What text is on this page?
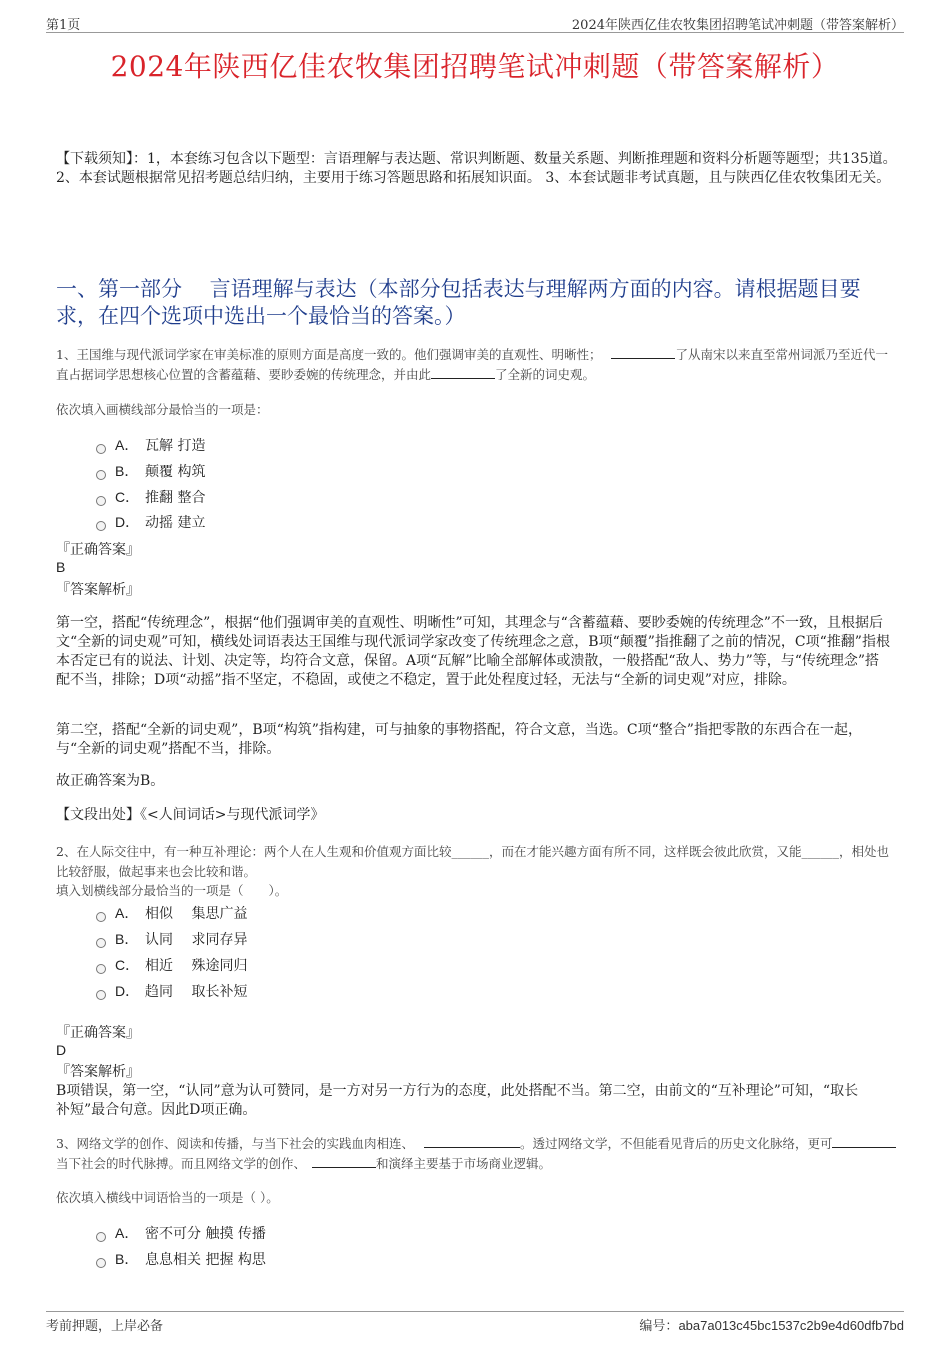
第1页	2024年陕西亿佳农牧集团招聘笔试冲刺题（带答案解析）
2024年陕西亿佳农牧集团招聘笔试冲刺题（带答案解析）
【下载须知】：1，本套练习包含以下题型：言语理解与表达题、常识判断题、数量关系题、判断推理题和资料分析题等题型；共135道。 2、本套试题根据常见招考题总结归纳，主要用于练习答题思路和拓展知识面。 3、本套试题非考试真题，且与陕西亿佳农牧集团无关。
一、第一部分　 言语理解与表达（本部分包括表达与理解两方面的内容。请根据题目要求，在四个选项中选出一个最恰当的答案。）
1、王国维与现代派词学家在审美标准的原则方面是高度一致的。他们强调审美的直观性、明晰性；	了从南宋以来直至常州词派乃至近代一直占据词学思想核心位置的含蓄蕴藉、要眇委婉的传统理念，并由此	了全新的词史观。
依次填入画横线部分最恰当的一项是：
A． 瓦解 打造
B． 颠覆 构筑
C． 推翻 整合
D． 动摇 建立
『正确答案』
B
『答案解析』
第一空，搭配“传统理念”，根据“他们强调审美的直观性、明晰性”可知，其理念与“含蓄蕴藉、要眇委婉的传统理念”不一致，且根据后文“全新的词史观”可知，横线处词语表达王国维与现代派词学家改变了传统理念之意，B项“颠覆”指推翻了之前的情况，C项“推翻”指根本否定已有的说法、计划、决定等，均符合文意，保留。A项“瓦解”比喻全部解体或溃散，一般搭配“敌人、势力”等，与“传统理念”搭配不当，排除；D项“动摇”指不坚定，不稳固，或使之不稳定，置于此处程度过轻，无法与“全新的词史观”对应，排除。
第二空，搭配“全新的词史观”，B项“构筑”指构建，可与抽象的事物搭配，符合文意，当选。C项“整合”指把零散的东西合在一起，与“全新的词史观”搭配不当，排除。
故正确答案为B。
【文段出处】《<人间词话>与现代派词学》
2、在人际交往中，有一种互补理论：两个人在人生观和价值观方面比较______，而在才能兴趣方面有所不同，这样既会彼此欣赏，又能______，相处也比较舒服，做起事来也会比较和谐。
填入划横线部分最恰当的一项是（　　）。
A． 相似　 集思广益
B． 认同　 求同存异
C． 相近　 殊途同归
D． 趋同　 取长补短
『正确答案』
D
『答案解析』
B项错误，第一空，“认同”意为认可赞同，是一方对另一方行为的态度，此处搭配不当。第二空，由前文的“互补理论”可知，“取长补短”最合句意。因此D项正确。
3、网络文学的创作、阅读和传播，与当下社会的实践血肉相连、	。透过网络文学，不但能看见背后的历史文化脉络，更可当下社会的时代脉搏。而且网络文学的创作、	和演绎主要基于市场商业逻辑。
依次填入横线中词语恰当的一项是（ ）。
A． 密不可分 触摸 传播
B． 息息相关 把握 构思
考前押题，上岸必备	编号：aba7a013c45bc1537c2b9e4d60dfb7bd
